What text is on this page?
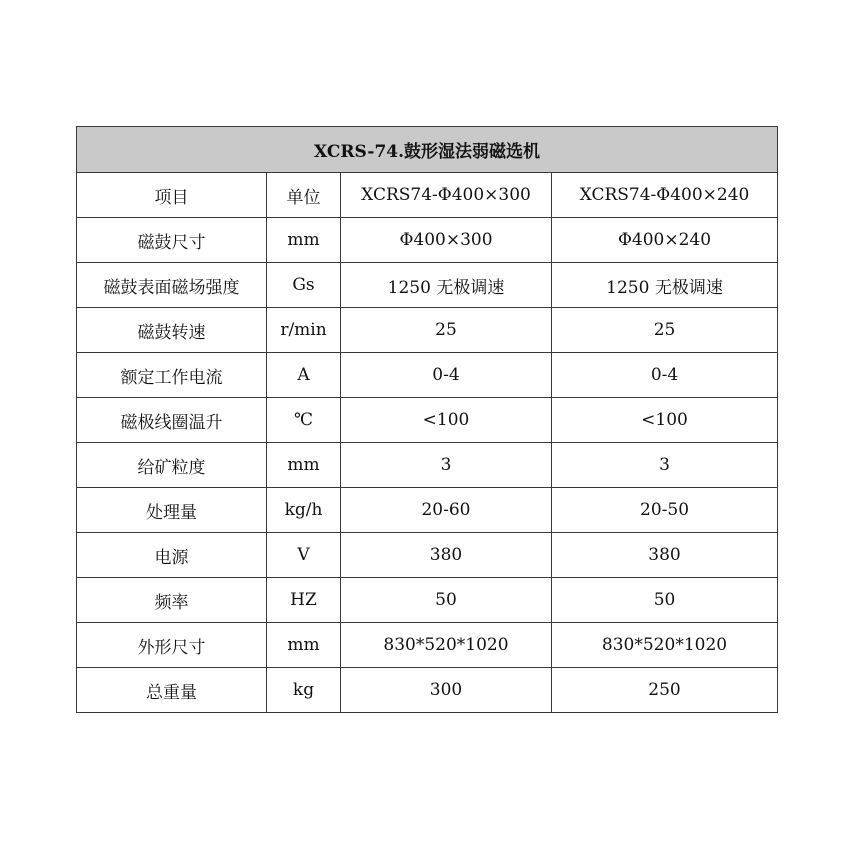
XCRS-74.鼓形湿法弱磁选机			
项目	单位	XCRS74-Φ400×300	XCRS74-Φ400×240
磁鼓尺寸	mm	Φ400×300	Φ400×240
磁鼓表面磁场强度	Gs	1250 无极调速	1250 无极调速
磁鼓转速	r/min	25	25
额定工作电流	A	0-4	0-4
磁极线圈温升	℃	<100	<100
给矿粒度	mm	3	3
处理量	kg/h	20-60	20-50
电源	V	380	380
频率	HZ	50	50
外形尺寸	mm	830*520*1020	830*520*1020
总重量	kg	300	250
